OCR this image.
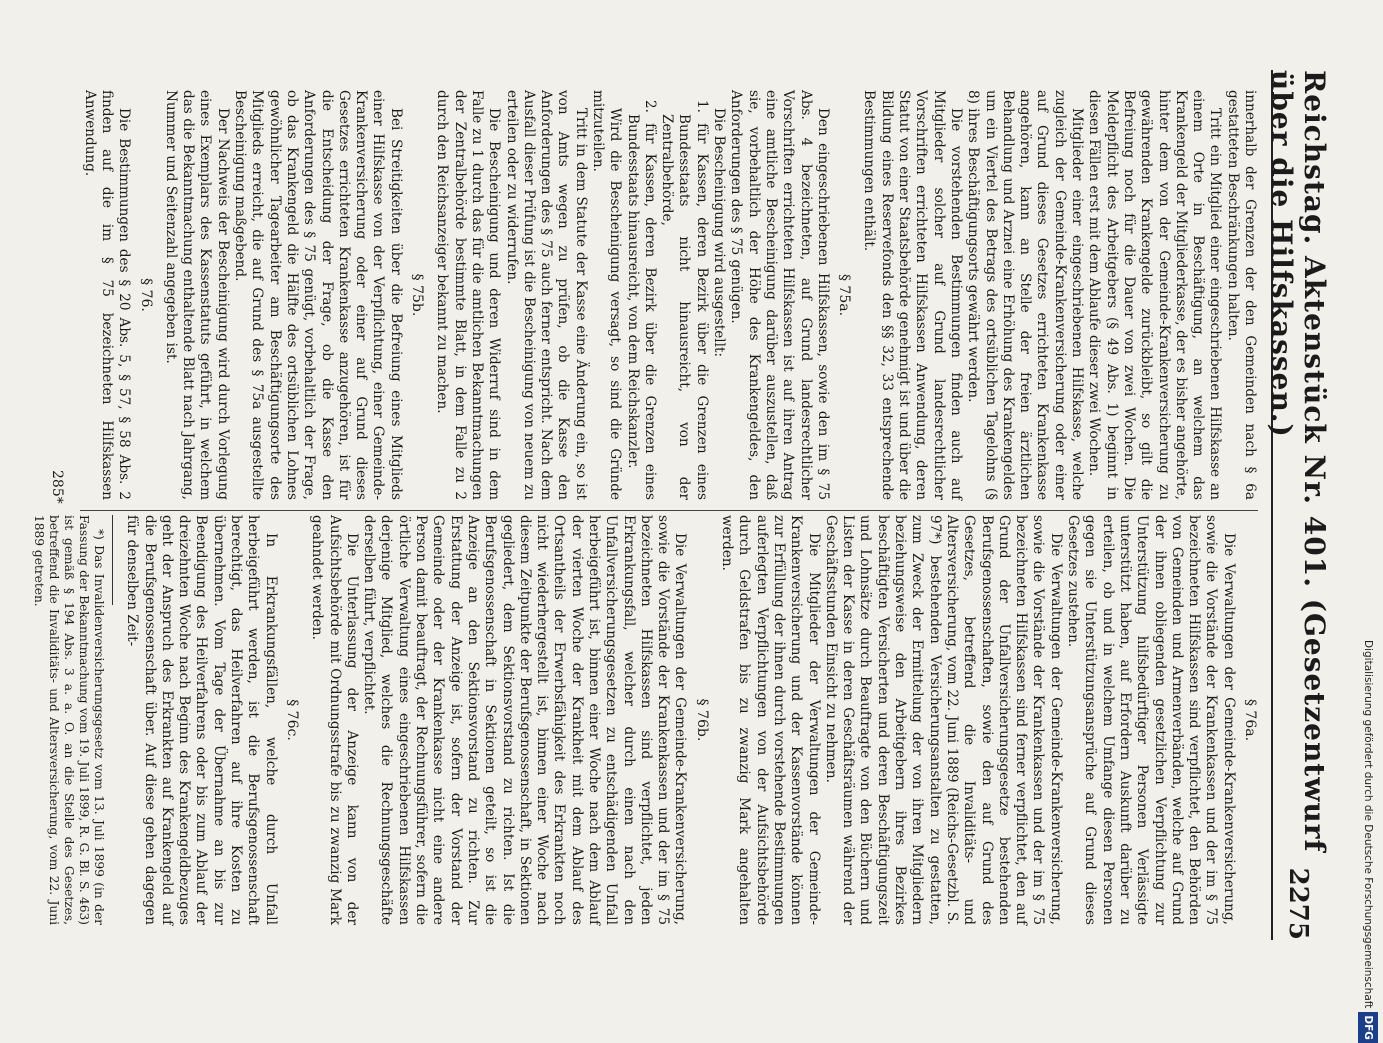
Reichstag. Aktenstück Nr. 401. (Gesetzentwurf über die Hilfskassen.)
2275

innerhalb der Grenzen der den Gemeinden nach § 6a gestatteten Beschränkungen halten.

Tritt ein Mitglied einer eingeschriebenen Hilfskasse an einem Orte in Beschäftigung, an welchem das Krankengeld der Mitgliederkasse, der es bisher angehörte, hinter dem von der Gemeinde-Krankenversicherung zu gewährenden Krankengelde zurückbleibt, so gilt die Befreiung noch für die Dauer von zwei Wochen. Die Meldepflicht des Arbeitgebers (§ 49 Abs. 1) beginnt in diesen Fällen erst mit dem Ablaufe dieser zwei Wochen.

Mitglieder einer eingeschriebenen Hilfskasse, welche zugleich der Gemeinde-Krankenversicherung oder einer auf Grund dieses Gesetzes errichteten Krankenkasse angehören, kann an Stelle der freien ärztlichen Behandlung und Arznei eine Erhöhung des Krankengeldes um ein Viertel des Betrags des ortsüblichen Tagelohns (§ 8) ihres Beschäftigungsorts gewährt werden.

Die vorstehenden Bestimmungen finden auch auf Mitglieder solcher auf Grund landesrechtlicher Vorschriften errichteten Hilfskassen Anwendung, deren Statut von einer Staatsbehörde genehmigt ist und über die Bildung eines Reservefonds den §§ 32, 33 entsprechende Bestimmungen enthält.

§ 75a.

Den eingeschriebenen Hilfskassen, sowie den im § 75 Abs. 4 bezeichneten, auf Grund landesrechtlicher Vorschriften errichteten Hilfskassen ist auf ihren Antrag eine amtliche Bescheinigung darüber auszustellen, daß sie, vorbehaltlich der Höhe des Krankengeldes, den Anforderungen des § 75 genügen.

Die Bescheinigung wird ausgestellt:

1. für Kassen, deren Bezirk über die Grenzen eines Bundesstaats nicht hinausreicht, von der Zentralbehörde,
2. für Kassen, deren Bezirk über die Grenzen eines Bundesstaats hinausreicht, von dem Reichskanzler.

Wird die Bescheinigung versagt, so sind die Gründe mitzuteilen.

Tritt in dem Statute der Kasse eine Änderung ein, so ist von Amts wegen zu prüfen, ob die Kasse den Anforderungen des § 75 auch ferner entspricht. Nach dem Ausfall dieser Prüfung ist die Bescheinigung von neuem zu erteilen oder zu widerrufen.

Die Bescheinigung und deren Widerruf sind in dem Falle zu 1 durch das für die amtlichen Bekanntmachungen der Zentralbehörde bestimmte Blatt, in dem Falle zu 2 durch den Reichsanzeiger bekannt zu machen.

§ 75b.

Bei Streitigkeiten über die Befreiung eines Mitglieds einer Hilfskasse von der Verpflichtung, einer Gemeinde-Krankenversicherung oder einer auf Grund dieses Gesetzes errichteten Krankenkasse anzugehören, ist für die Entscheidung der Frage, ob die Kasse den Anforderungen des § 75 genügt, vorbehaltlich der Frage, ob das Krankengeld die Hälfte des ortsüblichen Lohnes gewöhnlicher Tagearbeiter am Beschäftigungsorte des Mitglieds erreicht, die auf Grund des § 75a ausgestellte Bescheinigung maßgebend.

Der Nachweis der Bescheinigung wird durch Vorlegung eines Exemplars des Kassenstatuts geführt, in welchem das die Bekanntmachung enthaltende Blatt nach Jahrgang, Nummer und Seitenzahl angegeben ist.

§ 76.

Die Bestimmungen des § 20 Abs. 5, § 57, § 58 Abs. 2 finden auf die im § 75 bezeichneten Hilfskassen Anwendung.

§ 76a.

Die Verwaltungen der Gemeinde-Krankenversicherung, sowie die Vorstände der Krankenkassen und der im § 75 bezeichneten Hilfskassen sind verpflichtet, den Behörden von Gemeinden und Armenverbänden, welche auf Grund der ihnen obliegenden gesetzlichen Verpflichtung zur Unterstützung hilfsbedürftiger Personen Verlässigte unterstützt haben, auf Erfordern Auskunft darüber zu erteilen, ob und in welchem Umfange diesen Personen gegen sie Unterstützungsansprüche auf Grund dieses Gesetzes zustehen.

Die Verwaltungen der Gemeinde-Krankenversicherung, sowie die Vorstände der Krankenkassen und der im § 75 bezeichneten Hilfskassen sind ferner verpflichtet, den auf Grund der Unfallversicherungsgesetze bestehenden Berufsgenossenschaften, sowie den auf Grund des Gesetzes, betreffend die Invaliditäts- und Altersversicherung, vom 22. Juni 1889 (Reichs-Gesetzbl. S. 97*) bestehenden Versicherungsanstalten zu gestatten, zum Zweck der Ermittelung der von ihren Mitgliedern beziehungsweise den Arbeitgebern ihres Bezirkes beschäftigten Versicherten und deren Beschäftigungszeit und Lohnsätze durch Beauftragte von den Büchern und Listen der Kasse in deren Geschäftsräumen während der Geschäftsstunden Einsicht zu nehmen.

Die Mitglieder der Verwaltungen der Gemeinde-Krankenversicherung und der Kassenvorstände können zur Erfüllung der ihnen durch vorstehende Bestimmungen auferlegten Verpflichtungen von der Aufsichtsbehörde durch Geldstrafen bis zu zwanzig Mark angehalten werden.

§ 76b.

Die Verwaltungen der Gemeinde-Krankenversicherung, sowie die Vorstände der Krankenkassen und der im § 75 bezeichneten Hilfskassen sind verpflichtet, jeden Erkrankungsfall, welcher durch einen nach den Unfallversicherungsgesetzen zu entschädigenden Unfall herbeigeführt ist, binnen einer Woche nach dem Ablauf der vierten Woche der Krankheit mit dem Ablauf des Ortsantheils der Erwerbsfähigkeit des Erkrankten noch nicht wiederhergestellt ist, binnen einer Woche nach diesem Zeitpunkte der Berufsgenossenschaft, in Sektionen gegliedert, dem Sektionsvorstand zu richten. Ist die Berufsgenossenschaft in Sektionen geteilt, so ist die Anzeige an den Sektionsvorstand zu richten. Zur Erstattung der Anzeige ist, sofern der Vorstand der Gemeinde oder der Krankenkasse nicht eine andere Person damit beauftragt, der Rechnungsführer, sofern die örtliche Verwaltung eines eingeschriebenen Hilfskassen derjenige Mitglied, welches die Rechnungsgeschäfte derselben führt, verpflichtet.

Die Unterlassung der Anzeige kann von der Aufsichtsbehörde mit Ordnungsstrafe bis zu zwanzig Mark geahndet werden.

§ 76c.

In Erkrankungsfällen, welche durch Unfall herbeigeführt werden, ist die Berufsgenossenschaft berechtigt, das Heilverfahren auf ihre Kosten zu übernehmen. Vom Tage der Übernahme an bis zur Beendigung des Heilverfahrens oder bis zum Ablauf der dreizehnten Woche nach Beginn des Krankengeldbezuges geht der Anspruch des Erkrankten auf Krankengeld auf die Berufsgenossenschaft über. Auf diese gehen dagegen für denselben Zeit-

*) Das Invalidenversicherungsgesetz vom 13. Juli 1899 (in der Fassung der Bekanntmachung vom 19. Juli 1899, R. G. Bl. S. 463) ist gemäß § 194 Abs. 3 a. a. O. an die Stelle des Gesetzes, betreffend die Invaliditäts- und Altersversicherung, vom 22. Juni 1889 getreten.

285*
Digitalisierung gefördert durch die Deutsche ForschungsgemeinschaftDFG
